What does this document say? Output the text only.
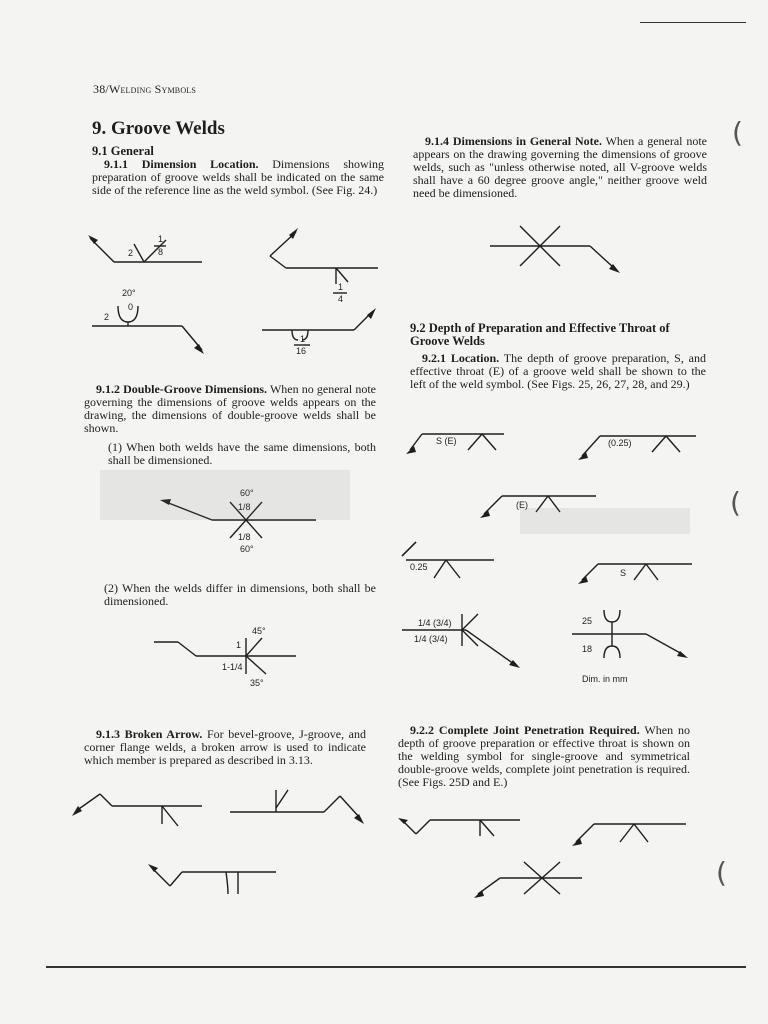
38/Welding Symbols
9. Groove Welds
9.1 General
9.1.1 Dimension Location. Dimensions showing preparation of groove welds shall be indicated on the same side of the reference line as the weld symbol. (See Fig. 24.)
2
1
8
1
4
20°
0
2
1
16
9.1.2 Double-Groove Dimensions. When no general note governing the dimensions of groove welds appears on the drawing, the dimensions of double-groove welds shall be shown.
(1) When both welds have the same dimensions, both shall be dimensioned.
60°
1/8
1/8
60°
(2) When the welds differ in dimensions, both shall be dimensioned.
45°
1
1-1/4
35°
9.1.3 Broken Arrow. For bevel-groove, J-groove, and corner flange welds, a broken arrow is used to indicate which member is prepared as described in 3.13.
9.1.4 Dimensions in General Note. When a general note appears on the drawing governing the dimensions of groove welds, such as "unless otherwise noted, all V-groove welds shall have a 60 degree groove angle," neither groove weld need be dimensioned.
9.2 Depth of Preparation and Effective Throat of Groove Welds
9.2.1 Location. The depth of groove preparation, S, and effective throat (E) of a groove weld shall be shown to the left of the weld symbol. (See Figs. 25, 26, 27, 28, and 29.)
S (E)	(0.25)
(E)
0.25
S
1/4 (3/4)
1/4 (3/4)
25
18
Dim. in mm
9.2.2 Complete Joint Penetration Required. When no depth of groove preparation or effective throat is shown on the welding symbol for single-groove and symmetrical double-groove welds, complete joint penetration is required. (See Figs. 25D and E.)
(
(
(
